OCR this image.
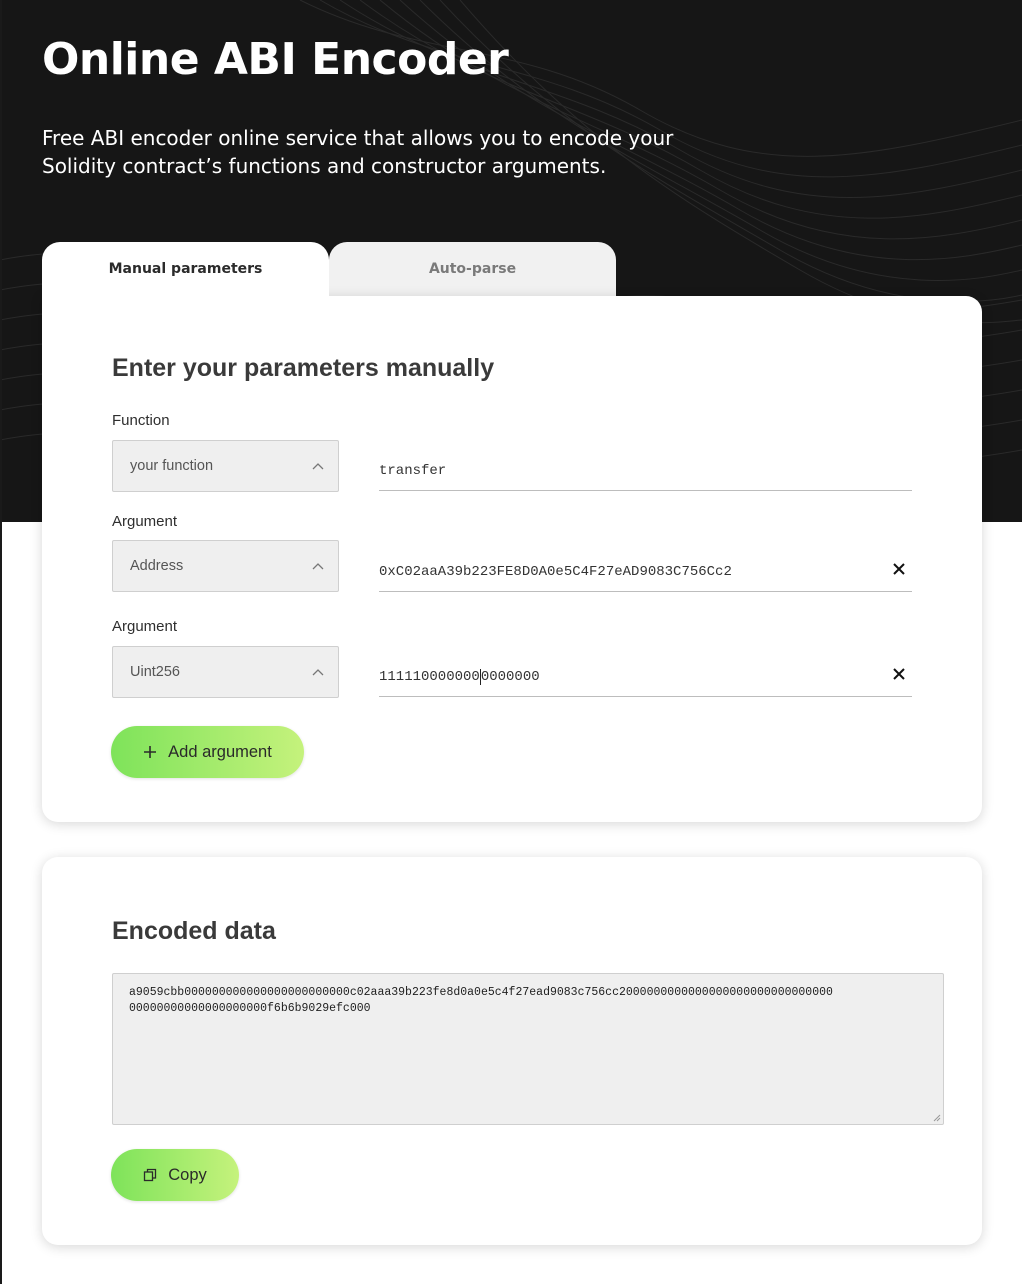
Online ABI Encoder

Free ABI encoder online service that allows you to encode your Solidity contract’s functions and constructor arguments.

Manual parameters	Auto-parse
Enter your parameters manually
Function
your function	transfer
Argument
Address	0xC02aaA39b223FE8D0A0e5C4F27eAD9083C756Cc2
Argument
Uint256	111110000000 0000000
Add argument
Encoded data
a9059cbb000000000000000000000000c02aaa39b223fe8d0a0e5c4f27ead9083c756cc2000000000000000000000000000000
00000000000000000000f6b6b9029efc000
Copy
